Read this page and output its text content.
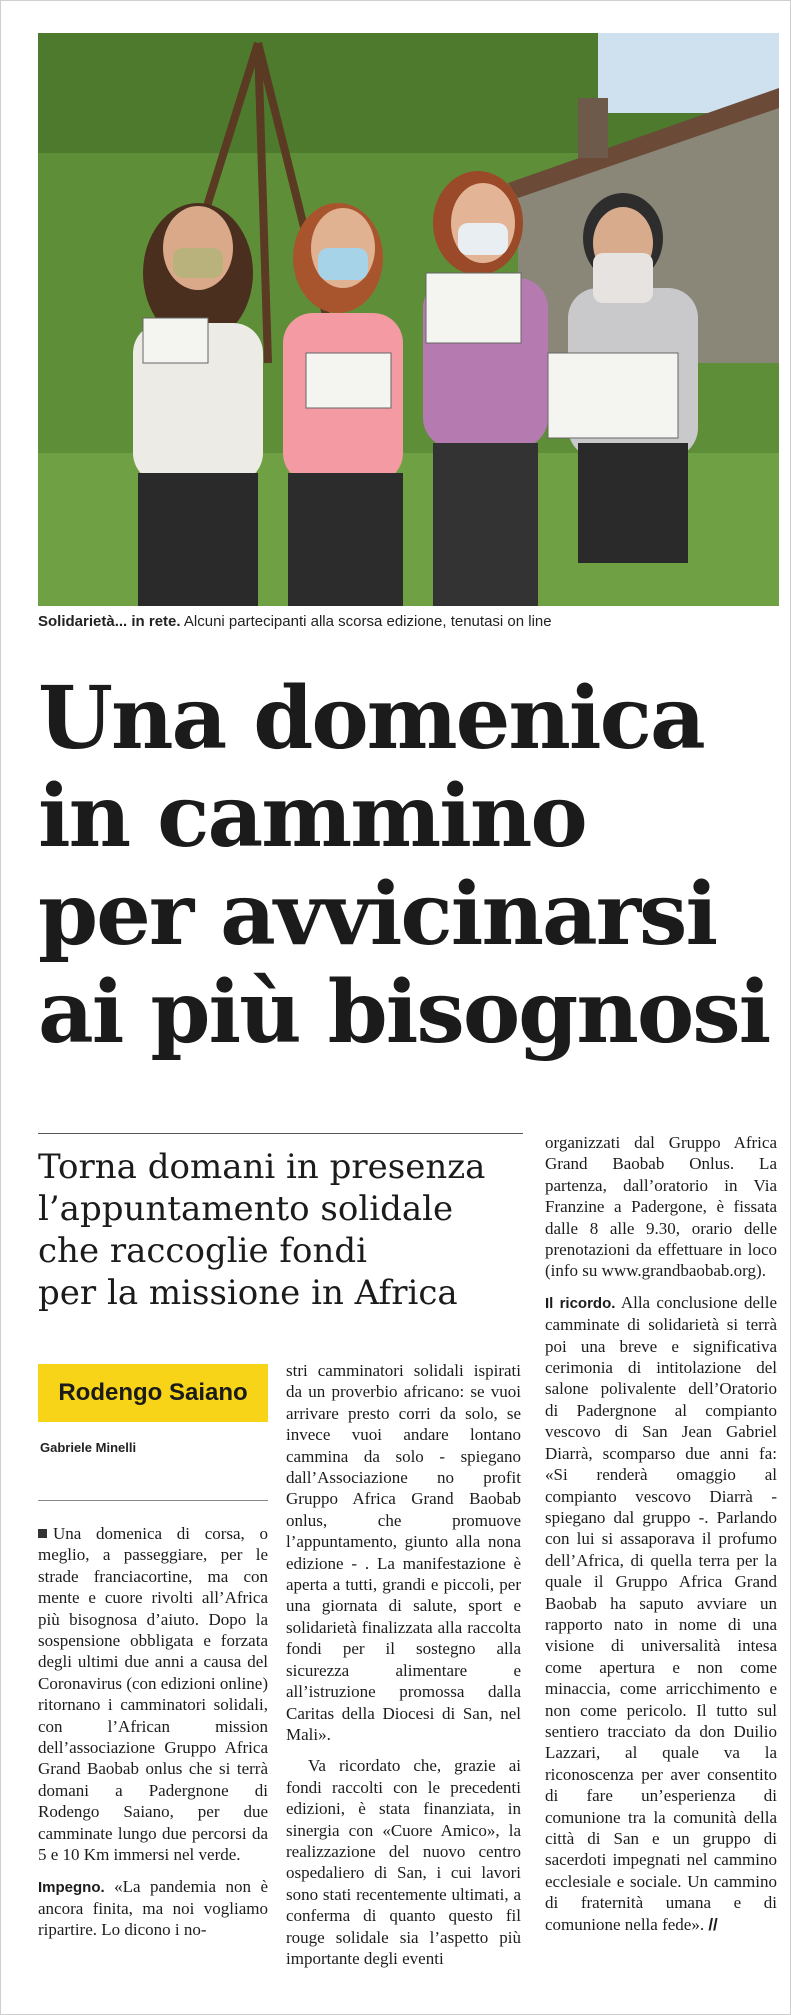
Solidarietà... in rete. Alcuni partecipanti alla scorsa edizione, tenutasi on line
Una domenica
in cammino
per avvicinarsi
ai più bisognosi
Torna domani in presenza
l’appuntamento solidale
che raccoglie fondi
per la missione in Africa
Rodengo Saiano
Gabriele Minelli

Una domenica di corsa, o meglio, a passeggiare, per le strade franciacortine, ma con mente e cuore rivolti all’Africa più bisognosa d’aiuto. Dopo la sospensione obbligata e forzata degli ultimi due anni a causa del Coronavirus (con edizioni online) ritornano i camminatori solidali, con l’African mission dell’associazione Gruppo Africa Grand Baobab onlus che si terrà domani a Padergnone di Rodengo Saiano, per due camminate lungo due percorsi da 5 e 10 Km immersi nel verde.

Impegno. «La pandemia non è ancora finita, ma noi vogliamo ripartire. Lo dicono i no-

stri camminatori solidali ispirati da un proverbio africano: se vuoi arrivare presto corri da solo, se invece vuoi andare lontano cammina da solo - spiegano dall’Associazione no profit Gruppo Africa Grand Baobab onlus, che promuove l’appuntamento, giunto alla nona edizione - . La manifestazione è aperta a tutti, grandi e piccoli, per una giornata di salute, sport e solidarietà finalizzata alla raccolta fondi per il sostegno alla sicurezza alimentare e all’istruzione promossa dalla Caritas della Diocesi di San, nel Mali».

Va ricordato che, grazie ai fondi raccolti con le precedenti edizioni, è stata finanziata, in sinergia con «Cuore Amico», la realizzazione del nuovo centro ospedaliero di San, i cui lavori sono stati recentemente ultimati, a conferma di quanto questo fil rouge solidale sia l’aspetto più importante degli eventi

organizzati dal Gruppo Africa Grand Baobab Onlus. La partenza, dall’oratorio in Via Franzine a Padergone, è fissata dalle 8 alle 9.30, orario delle prenotazioni da effettuare in loco (info su www.grandbaobab.org).

Il ricordo. Alla conclusione delle camminate di solidarietà si terrà poi una breve e significativa cerimonia di intitolazione del salone polivalente dell’Oratorio di Padergnone al compianto vescovo di San Jean Gabriel Diarrà, scomparso due anni fa: «Si renderà omaggio al compianto vescovo Diarrà - spiegano dal gruppo -. Parlando con lui si assaporava il profumo dell’Africa, di quella terra per la quale il Gruppo Africa Grand Baobab ha saputo avviare un rapporto nato in nome di una visione di universalità intesa come apertura e non come minaccia, come arricchimento e non come pericolo. Il tutto sul sentiero tracciato da don Duilio Lazzari, al quale va la riconoscenza per aver consentito di fare un’esperienza di comunione tra la comunità della città di San e un gruppo di sacerdoti impegnati nel cammino ecclesiale e sociale. Un cammino di fraternità umana e di comunione nella fede». //
